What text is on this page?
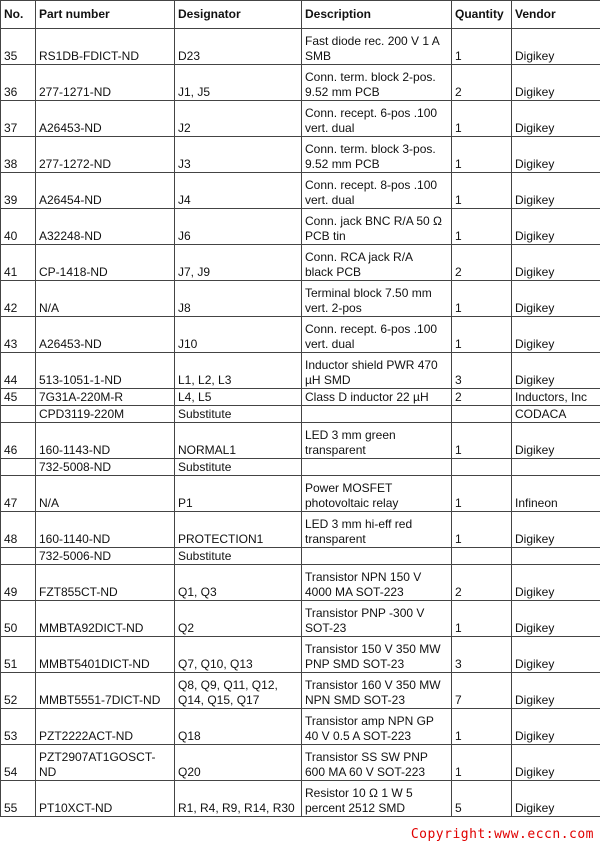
No.	Part number	Designator	Description	Quantity	Vendor
35	RS1DB-FDICT-ND	D23	Fast diode rec. 200 V 1 A
SMB	1	Digikey
36	277-1271-ND	J1, J5	Conn. term. block 2-pos.
9.52 mm PCB	2	Digikey
37	A26453-ND	J2	Conn. recept. 6-pos .100
vert. dual	1	Digikey
38	277-1272-ND	J3	Conn. term. block 3-pos.
9.52 mm PCB	1	Digikey
39	A26454-ND	J4	Conn. recept. 8-pos .100
vert. dual	1	Digikey
40	A32248-ND	J6	Conn. jack BNC R/A 50 Ω
PCB tin	1	Digikey
41	CP-1418-ND	J7, J9	Conn. RCA jack R/A
black PCB	2	Digikey
42	N/A	J8	Terminal block 7.50 mm
vert. 2-pos	1	Digikey
43	A26453-ND	J10	Conn. recept. 6-pos .100
vert. dual	1	Digikey
44	513-1051-1-ND	L1, L2, L3	Inductor shield PWR 470
µH SMD	3	Digikey
45	7G31A-220M-R	L4, L5	Class D inductor 22 µH	2	Inductors, Inc
	CPD3119-220M	Substitute			CODACA
46	160-1143-ND	NORMAL1	LED 3 mm green
transparent	1	Digikey
	732-5008-ND	Substitute			
47	N/A	P1	Power MOSFET
photovoltaic relay	1	Infineon
48	160-1140-ND	PROTECTION1	LED 3 mm hi-eff red
transparent	1	Digikey
	732-5006-ND	Substitute			
49	FZT855CT-ND	Q1, Q3	Transistor NPN 150 V
4000 MA SOT-223	2	Digikey
50	MMBTA92DICT-ND	Q2	Transistor PNP -300 V
SOT-23	1	Digikey
51	MMBT5401DICT-ND	Q7, Q10, Q13	Transistor 150 V 350 MW
PNP SMD SOT-23	3	Digikey
52	MMBT5551-7DICT-ND	Q8, Q9, Q11, Q12,
Q14, Q15, Q17	Transistor 160 V 350 MW
NPN SMD SOT-23	7	Digikey
53	PZT2222ACT-ND	Q18	Transistor amp NPN GP
40 V 0.5 A SOT-223	1	Digikey
54	PZT2907AT1GOSCT-
ND	Q20	Transistor SS SW PNP
600 MA 60 V SOT-223	1	Digikey
55	PT10XCT-ND	R1, R4, R9, R14, R30	Resistor 10 Ω 1 W 5
percent 2512 SMD	5	Digikey
Copyright:www.eccn.com
